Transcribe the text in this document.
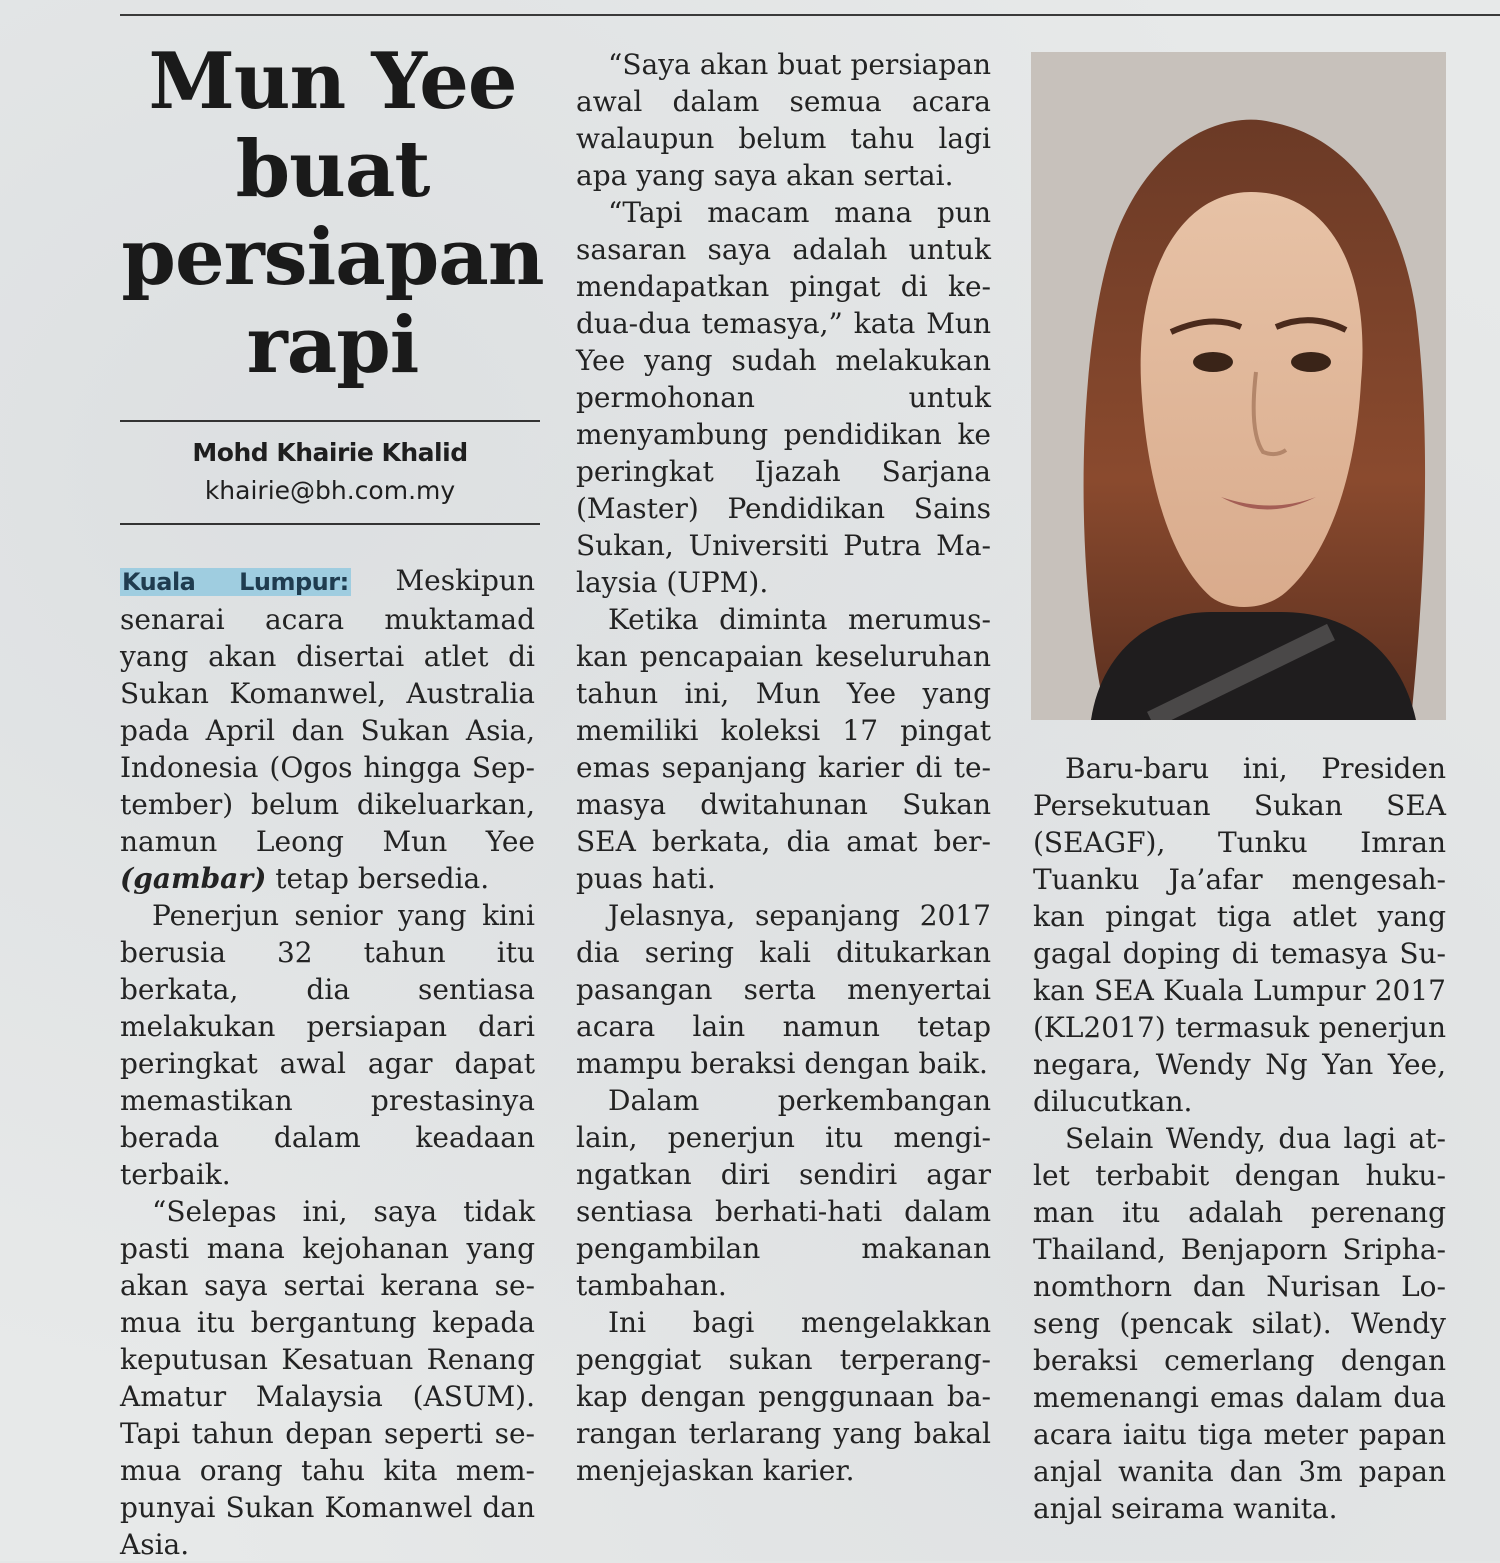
Mun Yee buat persiapan rapi
Mohd Khairie Khalid
khairie@bh.com.my

Kuala Lumpur: Meskipun senarai acara muktamad yang akan disertai atlet di Sukan Komanwel, Australia pada April dan Sukan Asia, Indonesia (Ogos hingga September) belum dikeluarkan, namun Leong Mun Yee (gambar) tetap bersedia.

Penerjun senior yang kini berusia 32 tahun itu berkata, dia sentiasa melakukan persiapan dari peringkat awal agar dapat memastikan prestasinya berada dalam keadaan terbaik.

“Selepas ini, saya tidak pasti mana kejohanan yang akan saya sertai kerana semua itu bergantung kepada keputusan Kesatuan Renang Amatur Malaysia (ASUM). Tapi tahun depan seperti semua orang tahu kita mempunyai Sukan Komanwel dan Asia.

“Saya akan buat persiapan awal dalam semua acara walaupun belum tahu lagi apa yang saya akan sertai.

“Tapi macam mana pun sasaran saya adalah untuk mendapatkan pingat di kedua-dua temasya,” kata Mun Yee yang sudah melakukan permohonan untuk menyambung pendidikan ke peringkat Ijazah Sarjana (Master) Pendidikan Sains Sukan, Universiti Putra Malaysia (UPM).

Ketika diminta merumuskan pencapaian keseluruhan tahun ini, Mun Yee yang memiliki koleksi 17 pingat emas sepanjang karier di temasya dwitahunan Sukan SEA berkata, dia amat berpuas hati.

Jelasnya, sepanjang 2017 dia sering kali ditukarkan pasangan serta menyertai acara lain namun tetap mampu beraksi dengan baik.

Dalam perkembangan lain, penerjun itu mengingatkan diri sendiri agar sentiasa berhati-hati dalam pengambilan makanan tambahan.

Ini bagi mengelakkan penggiat sukan terperangkap dengan penggunaan barangan terlarang yang bakal menjejaskan karier.

Baru-baru ini, Presiden Persekutuan Sukan SEA (SEAGF), Tunku Imran Tuanku Ja’afar mengesahkan pingat tiga atlet yang gagal doping di temasya Sukan SEA Kuala Lumpur 2017 (KL2017) termasuk penerjun negara, Wendy Ng Yan Yee, dilucutkan.

Selain Wendy, dua lagi atlet terbabit dengan hukuman itu adalah perenang Thailand, Benjaporn Sriphanomthorn dan Nurisan Loseng (pencak silat). Wendy beraksi cemerlang dengan memenangi emas dalam dua acara iaitu tiga meter papan anjal wanita dan 3m papan anjal seirama wanita.
